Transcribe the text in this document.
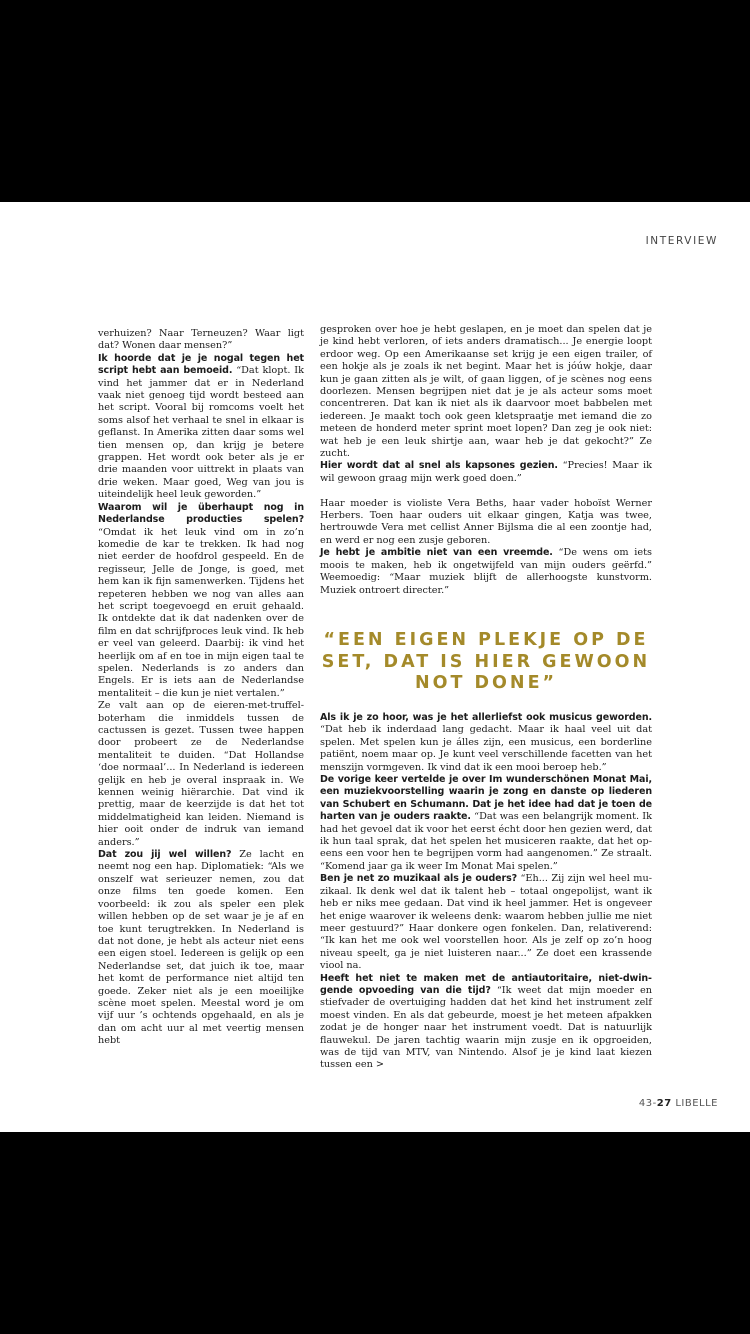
INTERVIEW

verhuizen? Naar Terneuzen? Waar ligt dat? Wonen daar mensen?”

Ik hoorde dat je je nogal tegen het script hebt aan bemoeid. “Dat klopt. Ik vind het jammer dat er in Nederland vaak niet genoeg tijd wordt besteed aan het script. Vooral bij romcoms voelt het soms alsof het verhaal te snel in elkaar is geflanst. In Amerika zitten daar soms wel tien mensen op, dan krijg je betere grappen. Het wordt ook beter als je er drie maanden voor uittrekt in plaats van drie weken. Maar goed, Weg van jou is uiteindelijk heel leuk geworden.”

Waarom wil je überhaupt nog in Nederlandse producties spelen? “Omdat ik het leuk vind om in zo’n komedie de kar te trekken. Ik had nog niet eerder de hoofdrol gespeeld. En de regisseur, Jelle de Jonge, is goed, met hem kan ik fijn samenwerken. Tijdens het repeteren hebben we nog van alles aan het script toegevoegd en eruit gehaald. Ik ontdekte dat ik dat nadenken over de film en dat schrijfproces leuk vind. Ik heb er veel van geleerd. Daarbij: ik vind het heerlijk om af en toe in mijn eigen taal te spelen. Nederlands is zo anders dan Engels. Er is iets aan de Nederlandse mentaliteit – die kun je niet vertalen.”

Ze valt aan op de eieren-met-truffel-boterham die inmiddels tussen de cactussen is gezet. Tussen twee happen door probeert ze de Nederlandse mentaliteit te duiden. “Dat Hollandse ‘doe normaal’... In Nederland is iedereen gelijk en heb je overal inspraak in. We kennen weinig hiërarchie. Dat vind ik prettig, maar de keerzijde is dat het tot middelmatigheid kan leiden. Niemand is hier ooit onder de indruk van iemand anders.”

Dat zou jij wel willen? Ze lacht en neemt nog een hap. Diplomatiek: “Als we onszelf wat serieuzer nemen, zou dat onze films ten goede komen. Een voorbeeld: ik zou als speler een plek willen hebben op de set waar je je af en toe kunt terugtrekken. In Nederland is dat not done, je hebt als acteur niet eens een eigen stoel. Iedereen is gelijk op een Nederlandse set, dat juich ik toe, maar het komt de performance niet altijd ten goede. Zeker niet als je een moeilijke scène moet spelen. Meestal word je om vijf uur ’s ochtends opgehaald, en als je dan om acht uur al met veertig mensen hebt

gesproken over hoe je hebt geslapen, en je moet dan spelen dat je je kind hebt verloren, of iets anders dramatisch... Je energie loopt erdoor weg. Op een Amerikaanse set krijg je een eigen trailer, of een hokje als je zoals ik net begint. Maar het is jóúw hokje, daar kun je gaan zitten als je wilt, of gaan liggen, of je scènes nog eens doorlezen. Mensen begrijpen niet dat je je als acteur soms moet concentreren. Dat kan ik niet als ik daarvoor moet babbelen met iedereen. Je maakt toch ook geen kletspraatje met iemand die zo meteen de honderd meter sprint moet lopen? Dan zeg je ook niet: wat heb je een leuk shirtje aan, waar heb je dat gekocht?” Ze zucht.

Hier wordt dat al snel als kapsones gezien. “Precies! Maar ik wil gewoon graag mijn werk goed doen.”

Haar moeder is violiste Vera Beths, haar vader hoboïst Werner Herbers. Toen haar ouders uit elkaar gingen, Katja was twee, hertrouwde Vera met cellist Anner Bijlsma die al een zoontje had, en werd er nog een zusje geboren.

Je hebt je ambitie niet van een vreemde. “De wens om iets moois te maken, heb ik ongetwijfeld van mijn ouders geërfd.” Weemoedig: “Maar muziek blijft de allerhoogste kunstvorm. Muziek ontroert directer.”

“EEN EIGEN PLEKJE OP DE SET, DAT IS HIER GEWOON NOT DONE”

Als ik je zo hoor, was je het allerliefst ook musicus geworden. “Dat heb ik inderdaad lang gedacht. Maar ik haal veel uit dat spelen. Met spelen kun je álles zijn, een musicus, een borderline patiënt, noem maar op. Je kunt veel verschillende facetten van het menszijn vormgeven. Ik vind dat ik een mooi beroep heb.”

De vorige keer vertelde je over Im wunderschönen Monat Mai, een muziekvoorstelling waarin je zong en danste op liederen van Schubert en Schumann. Dat je het idee had dat je toen de harten van je ouders raakte. “Dat was een belangrijk moment. Ik had het gevoel dat ik voor het eerst écht door hen gezien werd, dat ik hun taal sprak, dat het spelen het musiceren raakte, dat het opeens een voor hen te begrijpen vorm had aangenomen.” Ze straalt. “Komend jaar ga ik weer Im Monat Mai spelen.”

Ben je net zo muzikaal als je ouders? “Eh... Zij zijn wel heel muzikaal. Ik denk wel dat ik talent heb – totaal ongepolijst, want ik heb er niks mee gedaan. Dat vind ik heel jammer. Het is ongeveer het enige waarover ik weleens denk: waarom hebben jullie me niet meer gestuurd?” Haar donkere ogen fonkelen. Dan, relativerend: “Ik kan het me ook wel voorstellen hoor. Als je zelf op zo’n hoog niveau speelt, ga je niet luisteren naar...” Ze doet een krassende viool na.

Heeft het niet te maken met de antiautoritaire, niet-dwingende opvoeding van die tijd? “Ik weet dat mijn moeder en stiefvader de overtuiging hadden dat het kind het instrument zelf moest vinden. En als dat gebeurde, moest je het meteen afpakken zodat je de honger naar het instrument voedt. Dat is natuurlijk flauwekul. De jaren tachtig waarin mijn zusje en ik opgroeiden, was de tijd van MTV, van Nintendo. Alsof je je kind laat kiezen tussen een >

43-27 LIBELLE
